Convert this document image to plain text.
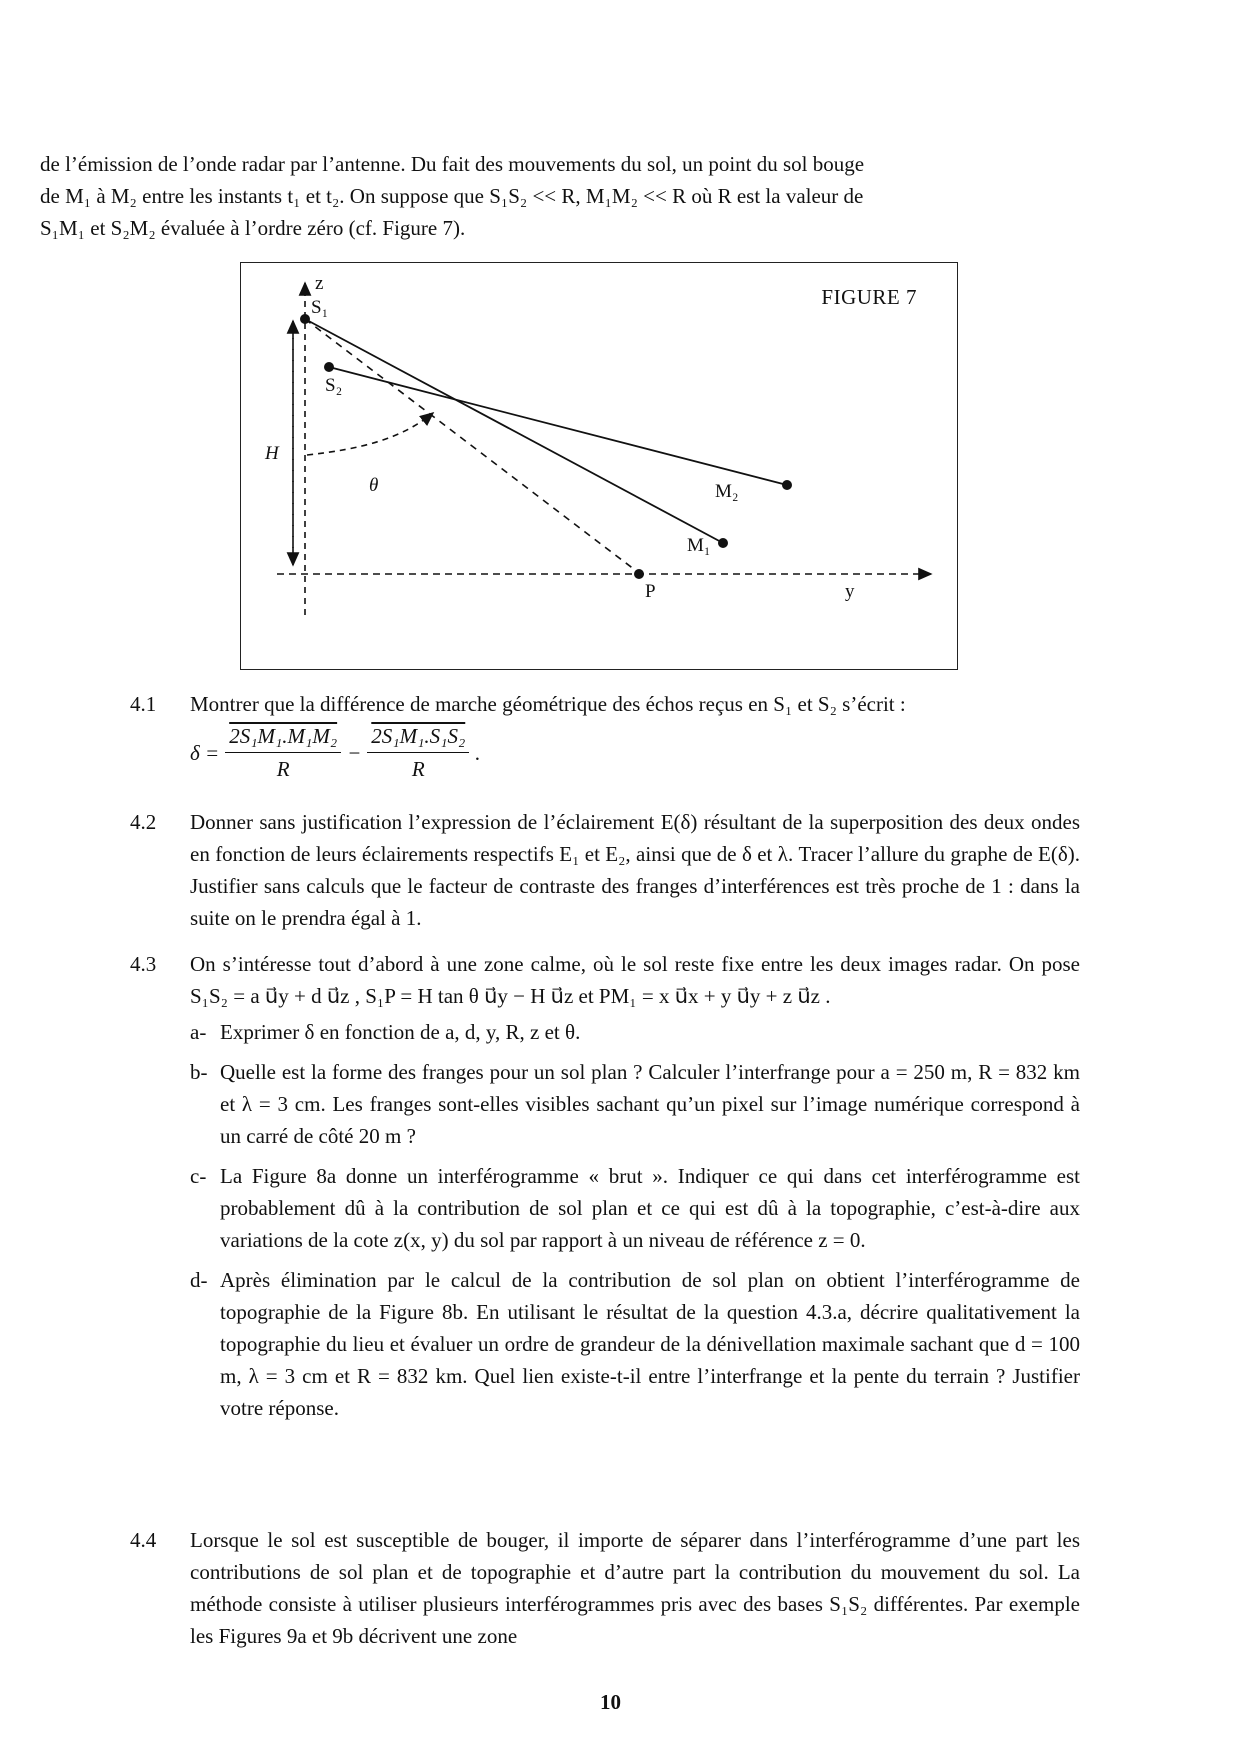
de l’émission de l’onde radar par l’antenne. Du fait des mouvements du sol, un point du sol bouge

de M₁ à M₂ entre les instants t₁ et t₂. On suppose que S₁S₂ << R, M₁M₂ << R où R est la valeur de

S₁M₁ et S₂M₂ évaluée à l’ordre zéro (cf. Figure 7).

FIGURE 7
z
S₁
S₂
H
θ	M₂
M₁
P	y
4.1 Montrer que la différence de marche géométrique des échos reçus en S₁ et S₂ s’écrit :
$\delta = \frac{\text{2S₁M₁.M₁M₂}}{R} - \frac{\text{2S₁M₁.S₁S₂}}{R}$ .
4.2 Donner sans justification l’expression de l’éclairement E(δ) résultant de la superposition des deux ondes en fonction de leurs éclairements respectifs E₁ et E₂, ainsi que de δ et λ. Tracer l’allure du graphe de E(δ). Justifier sans calculs que le facteur de contraste des franges d’interférences est très proche de 1 : dans la suite on le prendra égal à 1.
4.3 On s’intéresse tout d’abord à une zone calme, où le sol reste fixe entre les deux images radar. On pose S₁S₂ = a u⃗y + d u⃗z , S₁P = H tan θ u⃗y − H u⃗z et PM₁ = x u⃗x + y u⃗y + z u⃗z .
a- Exprimer δ en fonction de a, d, y, R, z et θ.
b- Quelle est la forme des franges pour un sol plan ? Calculer l’interfrange pour a = 250 m, R = 832 km et λ = 3 cm. Les franges sont-elles visibles sachant qu’un pixel sur l’image numérique correspond à un carré de côté 20 m ?
c- La Figure 8a donne un interférogramme « brut ». Indiquer ce qui dans cet interférogramme est probablement dû à la contribution de sol plan et ce qui est dû à la topographie, c’est-à-dire aux variations de la cote z(x, y) du sol par rapport à un niveau de référence z = 0.
d- Après élimination par le calcul de la contribution de sol plan on obtient l’interférogramme de topographie de la Figure 8b. En utilisant le résultat de la question 4.3.a, décrire qualitativement la topographie du lieu et évaluer un ordre de grandeur de la dénivellation maximale sachant que d = 100 m, λ = 3 cm et R = 832 km. Quel lien existe-t-il entre l’interfrange et la pente du terrain ? Justifier votre réponse.
4.4 Lorsque le sol est susceptible de bouger, il importe de séparer dans l’interférogramme d’une part les contributions de sol plan et de topographie et d’autre part la contribution du mouvement du sol. La méthode consiste à utiliser plusieurs interférogrammes pris avec des bases S₁S₂ différentes. Par exemple les Figures 9a et 9b décrivent une zone
10
